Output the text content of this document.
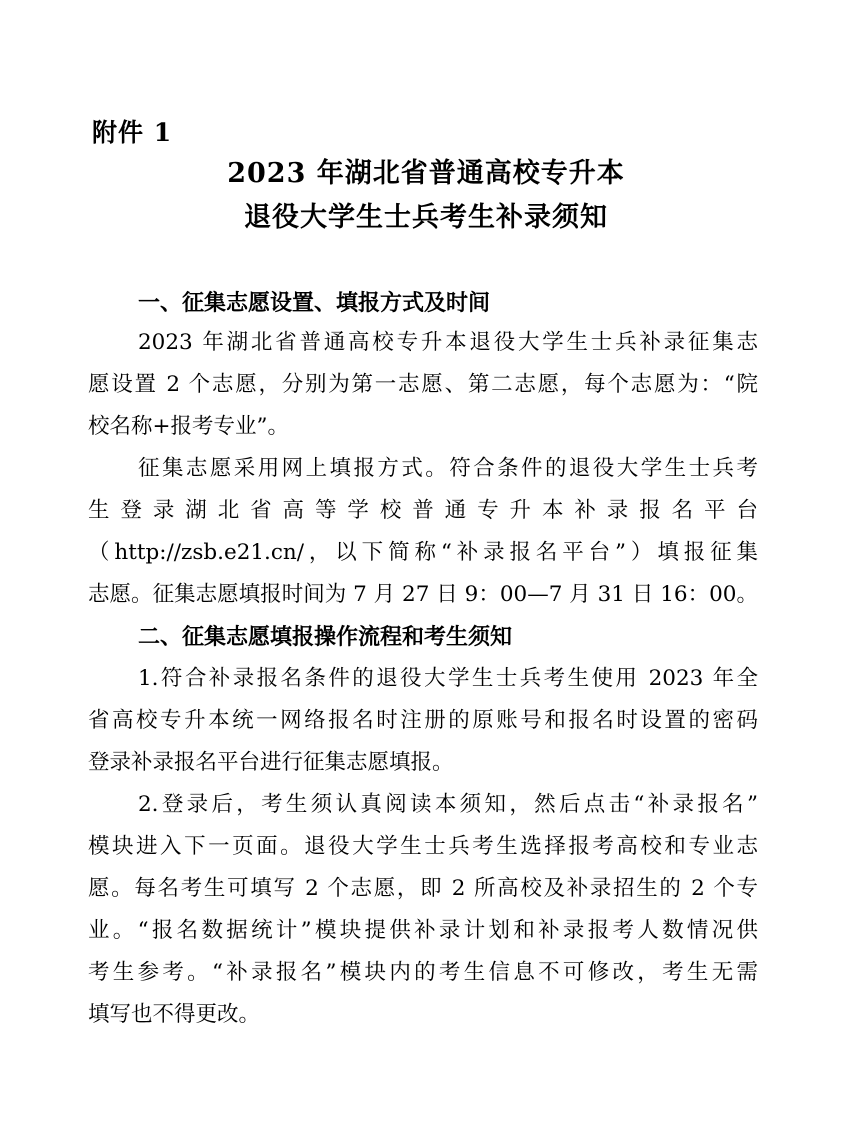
附件 1
2023 年湖北省普通高校专升本
退役大学生士兵考生补录须知
一、征集志愿设置、填报方式及时间
2023 年湖北省普通高校专升本退役大学生士兵补录征集志
愿设置 2 个志愿，分别为第一志愿、第二志愿，每个志愿为：“院
校名称+报考专业”。
征集志愿采用网上填报方式。符合条件的退役大学生士兵考
生登录湖北省高等学校普通专升本补录报名平台
（http://zsb.e21.cn/，以下简称“补录报名平台”）填报征集
志愿。征集志愿填报时间为 7 月 27 日 9：00—7 月 31 日 16：00。
二、征集志愿填报操作流程和考生须知
1.符合补录报名条件的退役大学生士兵考生使用 2023 年全
省高校专升本统一网络报名时注册的原账号和报名时设置的密码
登录补录报名平台进行征集志愿填报。
2.登录后，考生须认真阅读本须知，然后点击“补录报名”
模块进入下一页面。退役大学生士兵考生选择报考高校和专业志
愿。每名考生可填写 2 个志愿，即 2 所高校及补录招生的 2 个专
业。“报名数据统计”模块提供补录计划和补录报考人数情况供
考生参考。“补录报名”模块内的考生信息不可修改，考生无需
填写也不得更改。
